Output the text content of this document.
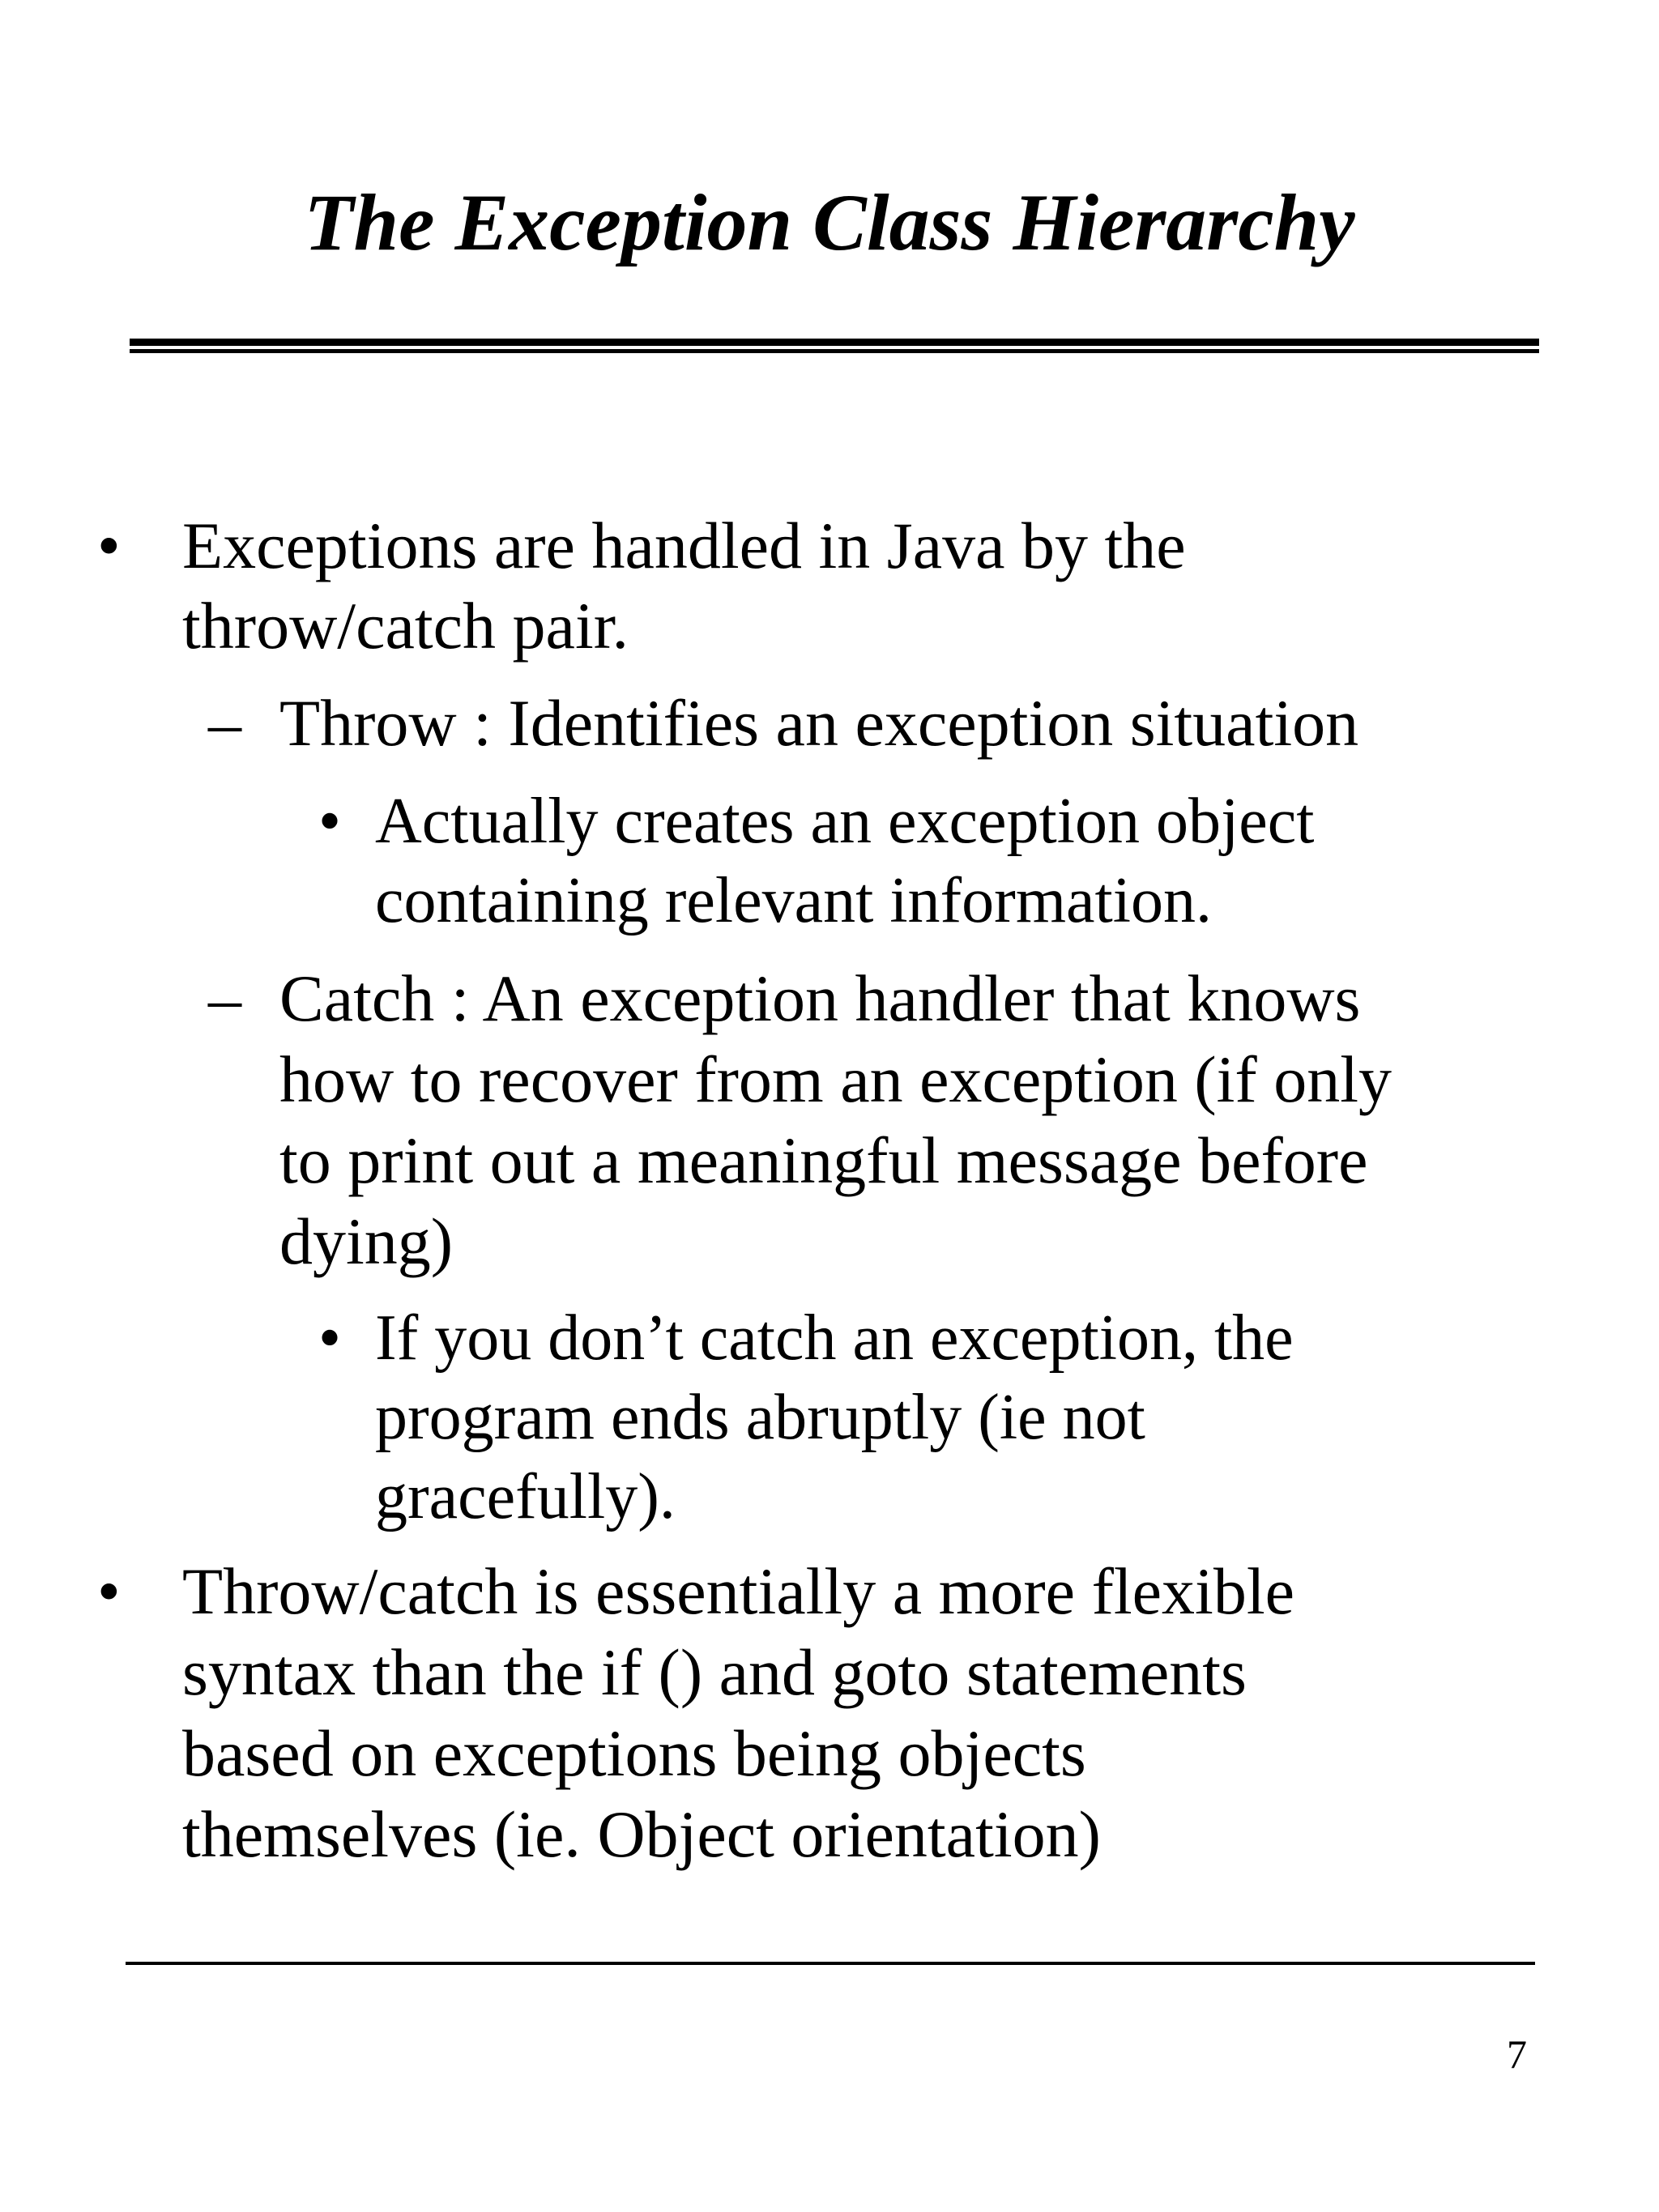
The Exception Class Hierarchy
• Exceptions are handled in Java by the
throw/catch pair.
– Throw : Identifies an exception situation
• Actually creates an exception object
containing relevant information.
– Catch : An exception handler that knows
how to recover from an exception (if only
to print out a meaningful message before
dying)
• If you don’t catch an exception, the
program ends abruptly (ie not
gracefully).
• Throw/catch is essentially a more flexible
syntax than the if () and goto statements
based on exceptions being objects
themselves (ie. Object orientation)
7
